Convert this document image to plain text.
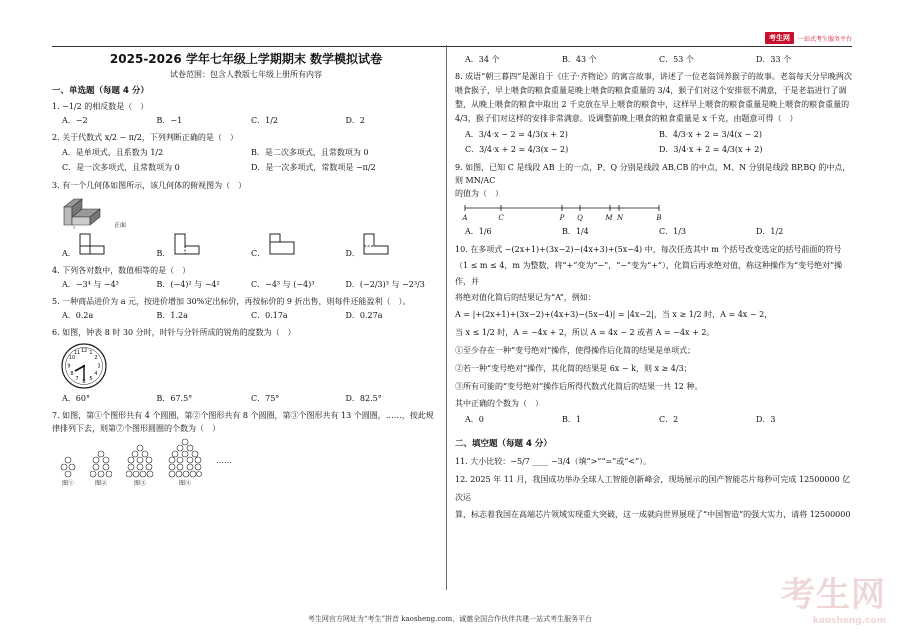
考生网	一站式考生服务平台
2025-2026 学年七年级上学期期末 数学模拟试卷
试卷范围：包含人教版七年级上册所有内容
一、单选题（每题 4 分）

1. −1/2 的相反数是（　）

A．−2	B．−1	C．1/2	D．2

2. 关于代数式 x/2 − π/2，下列判断正确的是（　）

A．是单项式，且系数为 1/2	B．是二次多项式，且常数项为 0
C．是一次多项式，且常数项为 0	D．是一次多项式，常数项是 −π/2

3. 有一个几何体如图所示，该几何体的俯视图为（　）

正面
A．	B．	C．	D．

4. 下列各对数中，数值相等的是（　）

A．−3⁴ 与 −4³	B．(−4)² 与 −4²	C．−4³ 与 (−4)³	D．(−2/3)³ 与 −2³/3

5. 一种商品进价为 a 元，按进价增加 30%定出标价，再按标价的 9 折出售，则每件还能盈利（　）。

A．0.2a	B．1.2a	C．0.17a	D．0.27a

6. 如图，钟表 8 时 30 分时，时针与分针所成的锐角的度数为（　）

12 1
2
3
4
5
6
7
8
9
10
11
A．60°	B．67.5°	C．75°	D．82.5°

7. 如图，第①个图形共有 4 个圆圈，第②个图形共有 8 个圆圈，第③个图形共有 13 个圆圈，……，按此规律排列下去，则第⑦个图形圆圈的个数为（　）

图①	图②	图③	图④
……
A．34 个	B．43 个	C．53 个	D．33 个

8. 成语“朝三暮四”是源自于《庄子·齐物论》的寓言故事，讲述了一位老翁饲养猴子的故事。老翁每天分早晚两次喂食猴子，早上喂食的粮食重量是晚上喂食的粮食重量的 3/4，猴子们对这个安排很不满意，于是老翁进行了调整，从晚上喂食的粮食中取出 2 千克放在早上喂食的粮食中，这样早上喂食的粮食重量是晚上喂食的粮食重量的 4/3，猴子们对这样的安排非常满意。设调整前晚上喂食的粮食重量是 x 千克，由题意可得（　）

A．3/4·x − 2 = 4/3(x + 2)	B．4/3·x + 2 = 3/4(x − 2)
C．3/4·x + 2 = 4/3(x − 2)	D．3/4·x + 2 = 4/3(x + 2)

9. 如图，已知 C 是线段 AB 上的一点，P、Q 分别是线段 AB,CB 的中点，M、N 分别是线段 BP,BQ 的中点，则 MN/AC

的值为（　）

A	C	P Q	M N	B
A．1/6	B．1/4	C．1/3	D．1/2

10. 在多项式 −(2x+1)+(3x−2)−(4x+3)+(5x−4) 中，每次任选其中 m 个括号改变选定的括号前面的符号

（1 ≤ m ≤ 4，m 为整数，将“+”变为“−”，“−”变为“+”），化简后再求绝对值，称这种操作为“变号绝对”操作，并

将绝对值化简后的结果记为“A”，例如：

A = |+(2x+1)+(3x−2)+(4x+3)−(5x−4)| = |4x−2|，当 x ≥ 1/2 时，A = 4x − 2，

当 x ≤ 1/2 时，A = −4x + 2，所以 A = 4x − 2 或者 A = −4x + 2。

①至少存在一种“变号绝对”操作，使得操作后化简的结果是单项式；

②若一种“变号绝对”操作，其化简的结果是 6x − k，则 x ≥ 4/3；

③所有可能的“变号绝对”操作后所得代数式化简后的结果一共 12 种。

其中正确的个数为（　）

A．0	B．1	C．2	D．3
二、填空题（每题 4 分）

11. 大小比较：−5/7 ____ −3/4（填“>”“=”或“<”）。

12. 2025 年 11 月，我国成功举办全球人工智能创新峰会，现场展示的国产智能芯片每秒可完成 12500000 亿次运

算，标志着我国在高端芯片领域实现重大突破，这一成就向世界展现了“中国智造”的强大实力，请将 12500000

考生网
kaosheng.com
考生网官方网址为“考生”拼音 kaosheng.com，诚邀全国合作伙伴共建一站式考生服务平台
